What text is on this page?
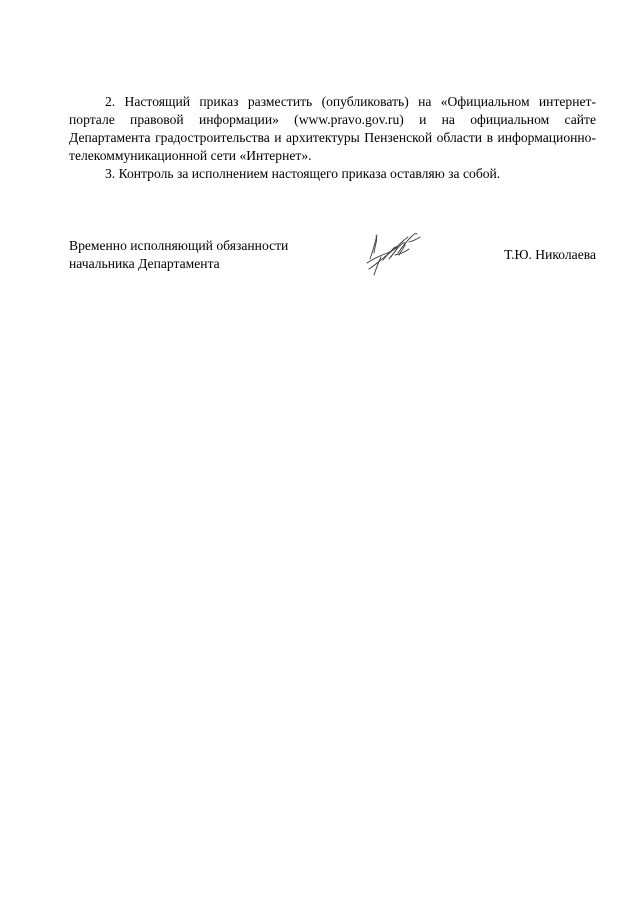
2. Настоящий приказ разместить (опубликовать) на «Официальном интернет-портале правовой информации» (www.pravo.gov.ru) и на официальном сайте Департамента градостроительства и архитектуры Пензенской области в информационно-телекоммуникационной сети «Интернет».

3. Контроль за исполнением настоящего приказа оставляю за собой.

Временно исполняющий обязанности
начальника Департамента
Т.Ю. Николаева
